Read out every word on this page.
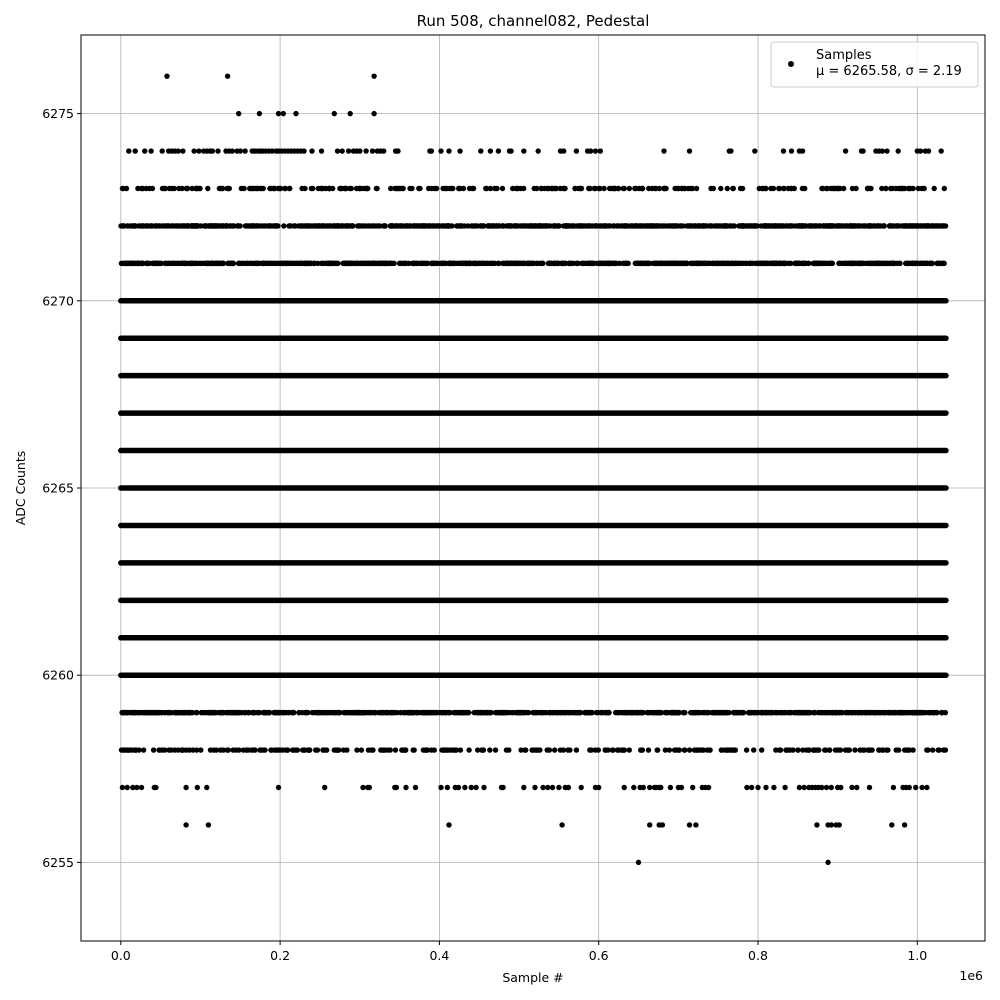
0.0	0.2	0.4	0.6	0.8	1.0
6255
6260
6265
6270
6275
Run 508, channel082, Pedestal
Sample #
ADC Counts
1e6
Samples
μ = 6265.58, σ = 2.19
